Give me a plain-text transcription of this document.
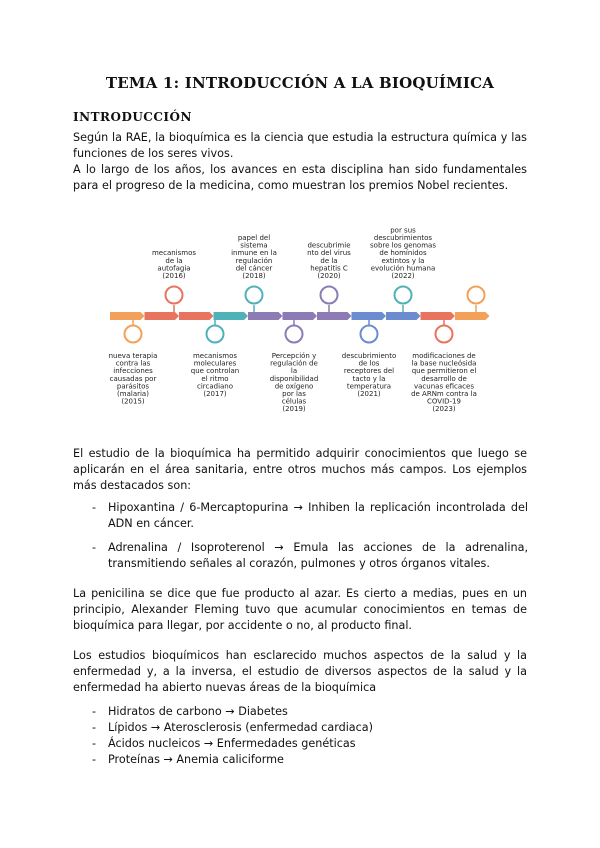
TEMA 1: INTRODUCCIÓN A LA BIOQUÍMICA
INTRODUCCIÓN
Según la RAE, la bioquímica es la ciencia que estudia la estructura química y las funciones de los seres vivos.
A lo largo de los años, los avances en esta disciplina han sido fundamentales para el progreso de la medicina, como muestran los premios Nobel recientes.
mecanismos
de la
autofagia
(2016)
papel del
sistema
inmune en la
regulación
del cáncer
(2018)
descubrimie
nto del virus
de la
hepatitis C
(2020)
por sus
descubrimientos
sobre los genomas
de homínidos
extintos y la
evolución humana
(2022)
nueva terapia
contra las
infecciones
causadas por
parásitos
(malaria)
(2015)
mecanismos
moleculares
que controlan
el ritmo
circadiano
(2017)
Percepción y
regulación de
la
disponibilidad
de oxígeno
por las
células
(2019)
descubrimiento
de los
receptores del
tacto y la
temperatura
(2021)
modificaciones de
la base nucleósida
que permitieron el
desarrollo de
vacunas eficaces
de ARNm contra la
COVID-19
(2023)
El estudio de la bioquímica ha permitido adquirir conocimientos que luego se aplicarán en el área sanitaria, entre otros muchos más campos. Los ejemplos más destacados son:
- Hipoxantina / 6-Mercaptopurina → Inhiben la replicación incontrolada del ADN en cáncer.
- Adrenalina / Isoproterenol → Emula las acciones de la adrenalina, transmitiendo señales al corazón, pulmones y otros órganos vitales.
La penicilina se dice que fue producto al azar. Es cierto a medias, pues en un principio, Alexander Fleming tuvo que acumular conocimientos en temas de bioquímica para llegar, por accidente o no, al producto final.
Los estudios bioquímicos han esclarecido muchos aspectos de la salud y la enfermedad y, a la inversa, el estudio de diversos aspectos de la salud y la enfermedad ha abierto nuevas áreas de la bioquímica
- Hidratos de carbono → Diabetes
- Lípidos → Aterosclerosis (enfermedad cardiaca)
- Ácidos nucleicos → Enfermedades genéticas
- Proteínas → Anemia caliciforme
